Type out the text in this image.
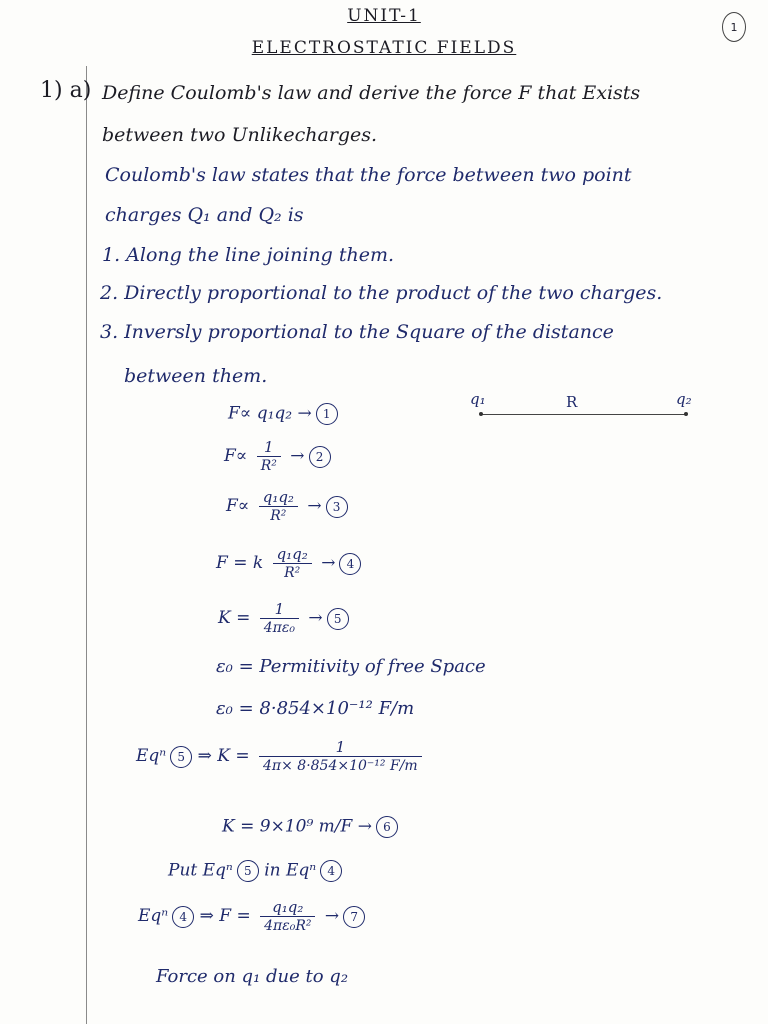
UNIT-1
ELECTROSTATIC FIELDS
1
1) a) Define Coulomb's law and derive the force F that Exists
between two Unlikecharges.
Coulomb's law states that the force between two point
charges Q₁ and Q₂ is
1. Along the line joining them.
2. Directly proportional to the product of the two charges.
3. Inversly proportional to the Square of the distance
between them.
q₁	R	q₂
F∝ q₁q₂ → 1
$F\propto \frac{1}{\text{R²}} \to 2$
$F\propto \frac{\text{q₁q₂}}{\text{R²}} \to 3$
F = k $\frac{\text{q₁q₂}}{\text{R²}} \to 4$
$K = \frac{1}{\text{4πε₀}} \to 5$
ε₀ = Permitivity of free Space
ε₀ = 8·854×10⁻¹² F/m
Eqⁿ 5 ⇒ $K = \frac{1}{\text{4π× 8·854×10⁻¹² F/m}}$
K = 9×10⁹ m/F → 6
Put Eqⁿ 5 in Eqⁿ 4
Eqⁿ 4 ⇒ $F = \frac{\text{q₁q₂}}{\text{4πε₀R²}} \to 7$
Force on q₁ due to q₂
